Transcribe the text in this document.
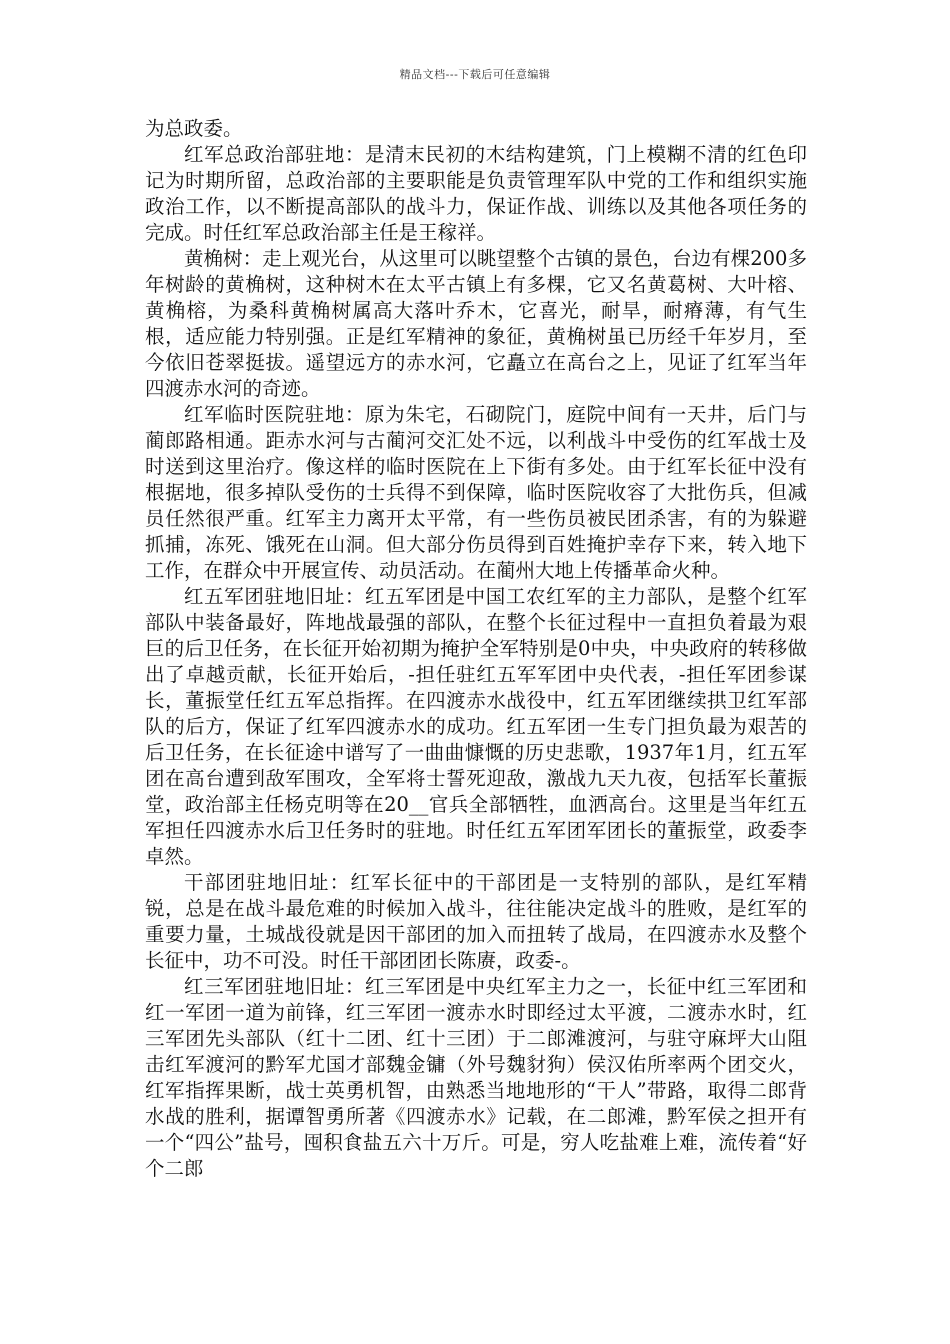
精品文档---下载后可任意编辑

为总政委。

红军总政治部驻地：是清末民初的木结构建筑，门上模糊不清的红色印记为时期所留，总政治部的主要职能是负责管理军队中党的工作和组织实施政治工作，以不断提高部队的战斗力，保证作战、训练以及其他各项任务的完成。时任红军总政治部主任是王稼祥。

黄桷树：走上观光台，从这里可以眺望整个古镇的景色，台边有棵200多年树龄的黄桷树，这种树木在太平古镇上有多棵，它又名黄葛树、大叶榕、黄桷榕，为桑科黄桷树属高大落叶乔木，它喜光，耐旱，耐瘠薄，有气生根，适应能力特别强。正是红军精神的象征，黄桷树虽已历经千年岁月，至今依旧苍翠挺拔。遥望远方的赤水河，它矗立在高台之上，见证了红军当年四渡赤水河的奇迹。

红军临时医院驻地：原为朱宅，石砌院门，庭院中间有一天井，后门与蔺郎路相通。距赤水河与古蔺河交汇处不远，以利战斗中受伤的红军战士及时送到这里治疗。像这样的临时医院在上下街有多处。由于红军长征中没有根据地，很多掉队受伤的士兵得不到保障，临时医院收容了大批伤兵，但减员任然很严重。红军主力离开太平常，有一些伤员被民团杀害，有的为躲避抓捕，冻死、饿死在山洞。但大部分伤员得到百姓掩护幸存下来，转入地下工作，在群众中开展宣传、动员活动。在蔺州大地上传播革命火种。

红五军团驻地旧址：红五军团是中国工农红军的主力部队，是整个红军部队中装备最好，阵地战最强的部队，在整个长征过程中一直担负着最为艰巨的后卫任务，在长征开始初期为掩护全军特别是0中央，中央政府的转移做出了卓越贡献，长征开始后，-担任驻红五军军团中央代表，-担任军团参谋长，董振堂任红五军总指挥。在四渡赤水战役中，红五军团继续拱卫红军部队的后方，保证了红军四渡赤水的成功。红五军团一生专门担负最为艰苦的后卫任务，在长征途中谱写了一曲曲慷慨的历史悲歌，1937年1月，红五军团在高台遭到敌军围攻，全军将士誓死迎敌，激战九天九夜，包括军长董振堂，政治部主任杨克明等在20__官兵全部牺牲，血洒高台。这里是当年红五军担任四渡赤水后卫任务时的驻地。时任红五军团军团长的董振堂，政委李卓然。

干部团驻地旧址：红军长征中的干部团是一支特别的部队，是红军精锐，总是在战斗最危难的时候加入战斗，往往能决定战斗的胜败，是红军的重要力量，土城战役就是因干部团的加入而扭转了战局，在四渡赤水及整个长征中，功不可没。时任干部团团长陈赓，政委-。

红三军团驻地旧址：红三军团是中央红军主力之一，长征中红三军团和红一军团一道为前锋，红三军团一渡赤水时即经过太平渡，二渡赤水时，红三军团先头部队（红十二团、红十三团）于二郎滩渡河，与驻守麻坪大山阻击红军渡河的黔军尤国才部魏金镛（外号魏豺狗）侯汉佑所率两个团交火，红军指挥果断，战士英勇机智，由熟悉当地地形的“干人”带路，取得二郎背水战的胜利，据谭智勇所著《四渡赤水》记载，在二郎滩，黔军侯之担开有一个“四公”盐号，囤积食盐五六十万斤。可是，穷人吃盐难上难，流传着“好个二郎
